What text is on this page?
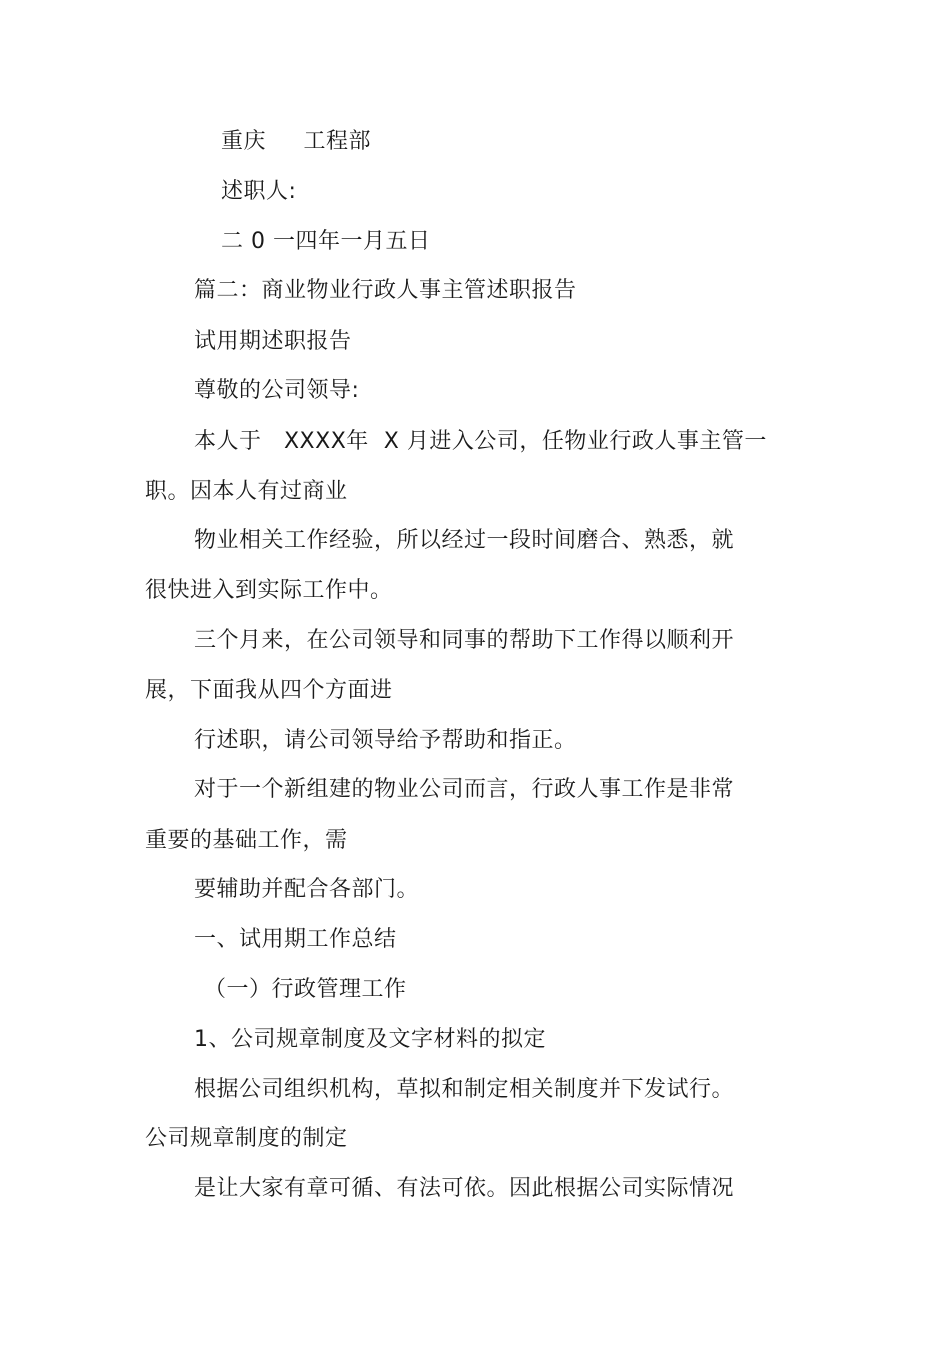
重庆     工程部
述职人:
二 0 一四年一月五日
篇二：商业物业行政人事主管述职报告
试用期述职报告
尊敬的公司领导:
本人于   XXXX年  X 月进入公司，任物业行政人事主管一
职。因本人有过商业
物业相关工作经验，所以经过一段时间磨合、熟悉，就
很快进入到实际工作中。
三个月来，在公司领导和同事的帮助下工作得以顺利开
展，下面我从四个方面进
行述职，请公司领导给予帮助和指正。
对于一个新组建的物业公司而言，行政人事工作是非常
重要的基础工作，需
要辅助并配合各部门。
一、试用期工作总结
（一）行政管理工作
1、公司规章制度及文字材料的拟定
根据公司组织机构，草拟和制定相关制度并下发试行。
公司规章制度的制定
是让大家有章可循、有法可依。因此根据公司实际情况
